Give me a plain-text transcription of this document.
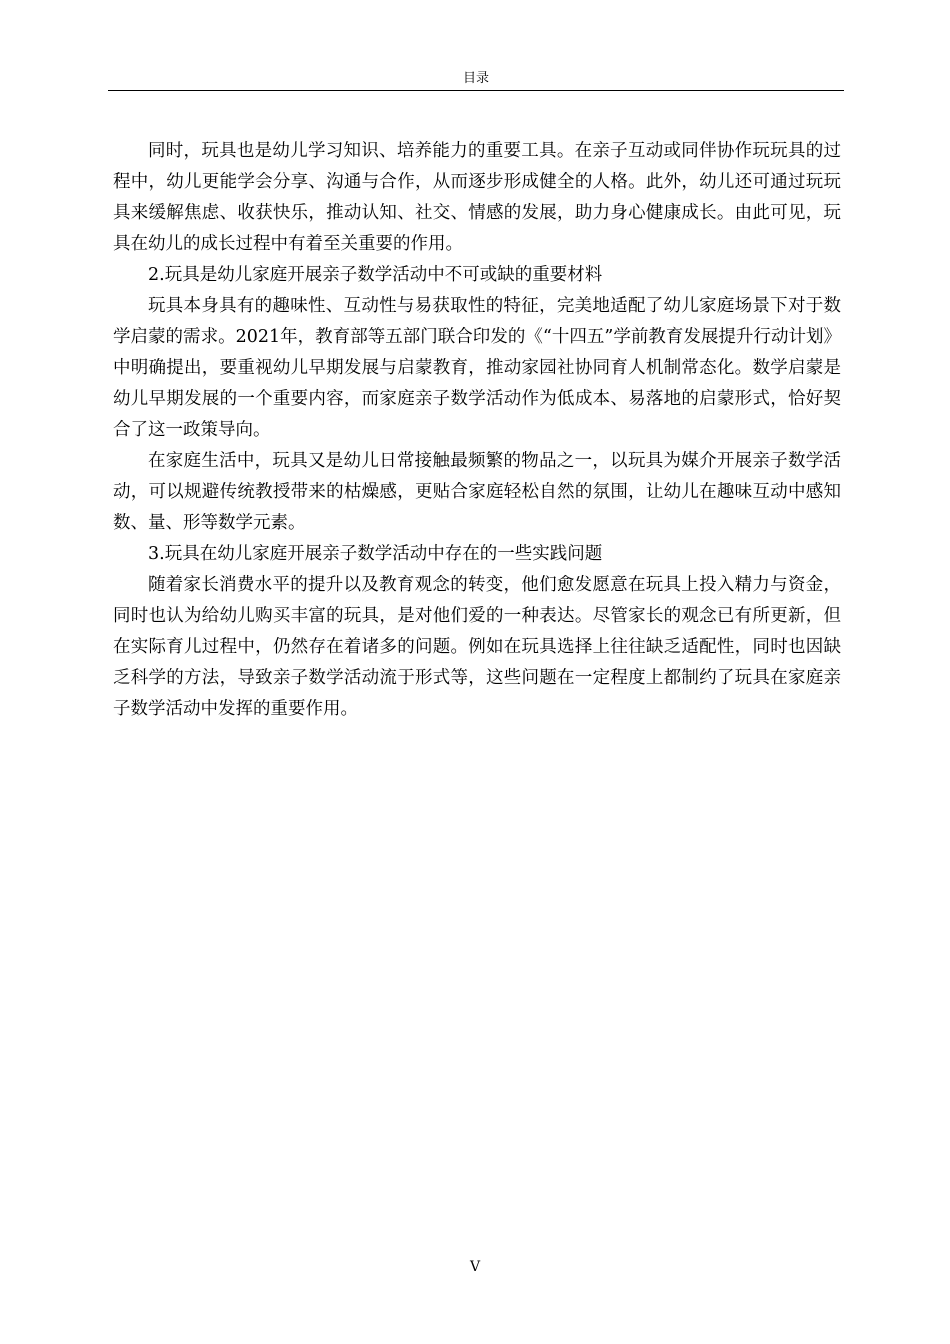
目录

同时，玩具也是幼儿学习知识、培养能力的重要工具。在亲子互动或同伴协作玩玩具的过程中，幼儿更能学会分享、沟通与合作，从而逐步形成健全的人格。此外，幼儿还可通过玩玩具来缓解焦虑、收获快乐，推动认知、社交、情感的发展，助力身心健康成长。由此可见，玩具在幼儿的成长过程中有着至关重要的作用。

2.玩具是幼儿家庭开展亲子数学活动中不可或缺的重要材料

玩具本身具有的趣味性、互动性与易获取性的特征，完美地适配了幼儿家庭场景下对于数学启蒙的需求。2021年，教育部等五部门联合印发的《“十四五”学前教育发展提升行动计划》中明确提出，要重视幼儿早期发展与启蒙教育，推动家园社协同育人机制常态化。数学启蒙是幼儿早期发展的一个重要内容，而家庭亲子数学活动作为低成本、易落地的启蒙形式，恰好契合了这一政策导向。

在家庭生活中，玩具又是幼儿日常接触最频繁的物品之一，以玩具为媒介开展亲子数学活动，可以规避传统教授带来的枯燥感，更贴合家庭轻松自然的氛围，让幼儿在趣味互动中感知数、量、形等数学元素。

3.玩具在幼儿家庭开展亲子数学活动中存在的一些实践问题

随着家长消费水平的提升以及教育观念的转变，他们愈发愿意在玩具上投入精力与资金，同时也认为给幼儿购买丰富的玩具，是对他们爱的一种表达。尽管家长的观念已有所更新，但在实际育儿过程中，仍然存在着诸多的问题。例如在玩具选择上往往缺乏适配性，同时也因缺乏科学的方法，导致亲子数学活动流于形式等，这些问题在一定程度上都制约了玩具在家庭亲子数学活动中发挥的重要作用。

V
